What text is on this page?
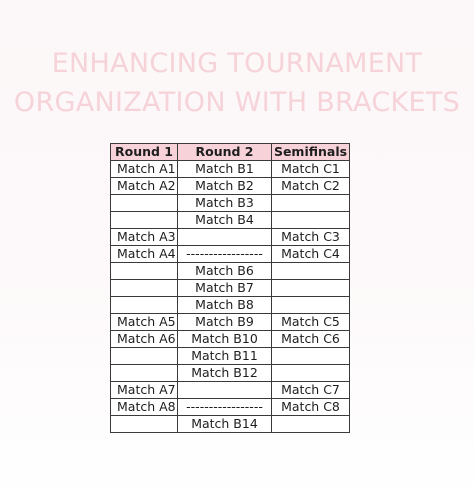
ENHANCING TOURNAMENT
ORGANIZATION WITH BRACKETS
Round 1	Round 2	Semifinals
Match A1	Match B1	Match C1
Match A2	Match B2	Match C2
	Match B3	
	Match B4	
Match A3		Match C3
Match A4	-----------------	Match C4
	Match B6	
	Match B7	
	Match B8	
Match A5	Match B9	Match C5
Match A6	Match B10	Match C6
	Match B11	
	Match B12	
Match A7		Match C7
Match A8	-----------------	Match C8
	Match B14	
